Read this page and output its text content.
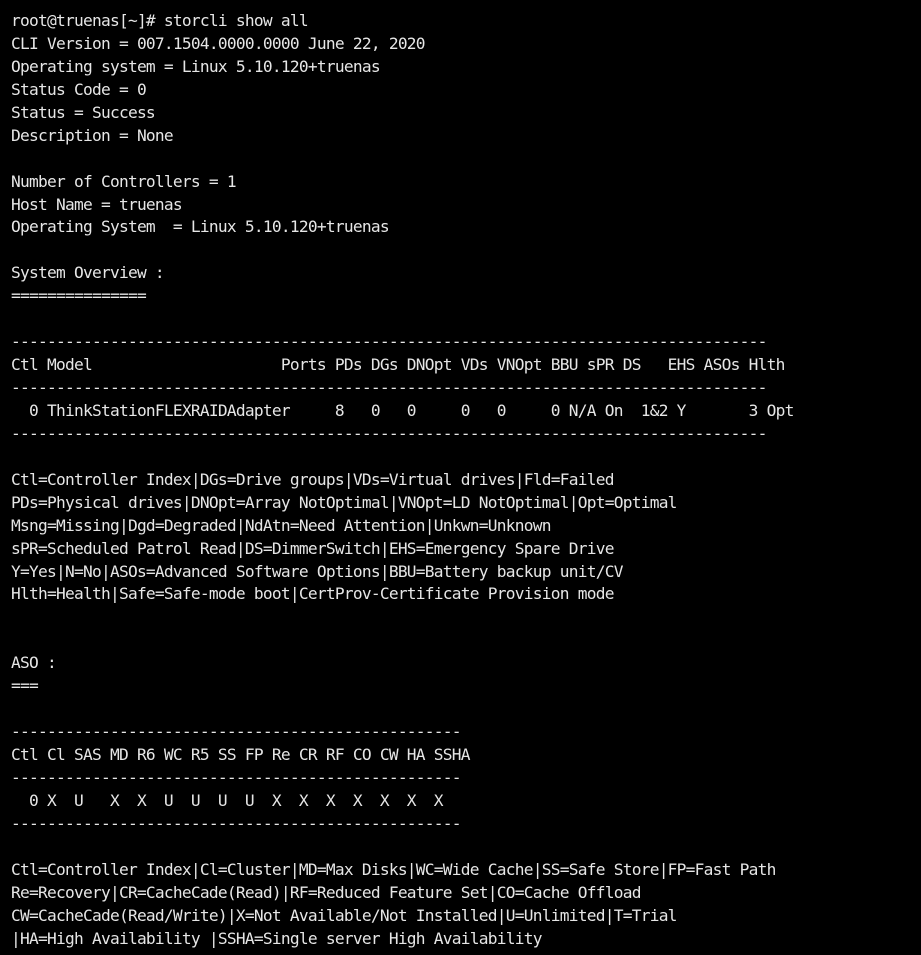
root@truenas[~]# storcli show all
CLI Version = 007.1504.0000.0000 June 22, 2020
Operating system = Linux 5.10.120+truenas
Status Code = 0
Status = Success
Description = None
Number of Controllers = 1
Host Name = truenas
Operating System  = Linux 5.10.120+truenas
System Overview :
===============
------------------------------------------------------------------------------------
Ctl Model                     Ports PDs DGs DNOpt VDs VNOpt BBU sPR DS   EHS ASOs Hlth
------------------------------------------------------------------------------------
0 ThinkStationFLEXRAIDAdapter     8   0   0     0   0     0 N/A On  1&2 Y       3 Opt
------------------------------------------------------------------------------------
Ctl=Controller Index|DGs=Drive groups|VDs=Virtual drives|Fld=Failed
PDs=Physical drives|DNOpt=Array NotOptimal|VNOpt=LD NotOptimal|Opt=Optimal
Msng=Missing|Dgd=Degraded|NdAtn=Need Attention|Unkwn=Unknown
sPR=Scheduled Patrol Read|DS=DimmerSwitch|EHS=Emergency Spare Drive
Y=Yes|N=No|ASOs=Advanced Software Options|BBU=Battery backup unit/CV
Hlth=Health|Safe=Safe-mode boot|CertProv-Certificate Provision mode
ASO :
===
--------------------------------------------------
Ctl Cl SAS MD R6 WC R5 SS FP Re CR RF CO CW HA SSHA
--------------------------------------------------
0 X  U   X  X  U  U  U  U  X  X  X  X  X  X  X
--------------------------------------------------
Ctl=Controller Index|Cl=Cluster|MD=Max Disks|WC=Wide Cache|SS=Safe Store|FP=Fast Path
Re=Recovery|CR=CacheCade(Read)|RF=Reduced Feature Set|CO=Cache Offload
CW=CacheCade(Read/Write)|X=Not Available/Not Installed|U=Unlimited|T=Trial
|HA=High Availability |SSHA=Single server High Availability
